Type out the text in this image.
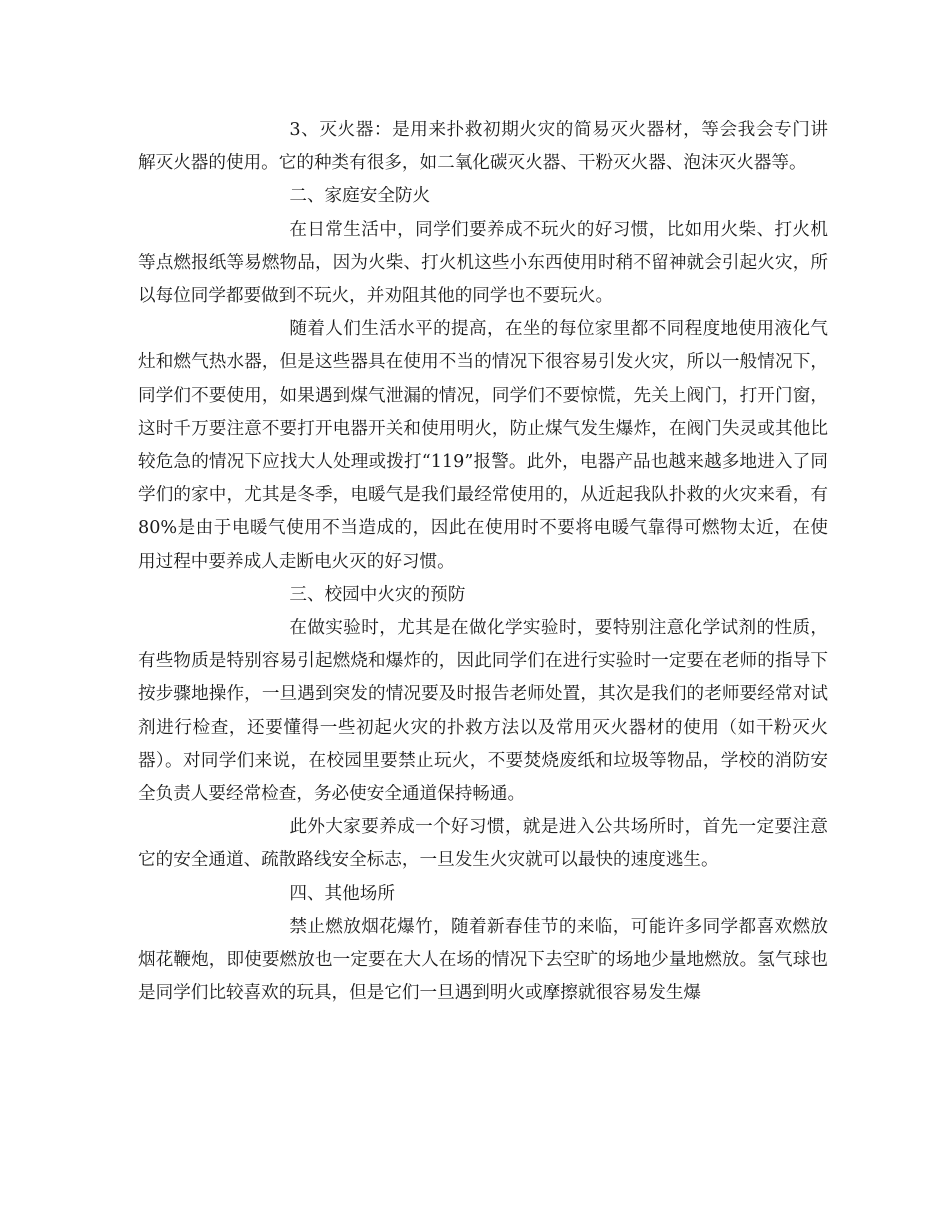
3、灭火器：是用来扑救初期火灾的简易灭火器材，等会我会专门讲解灭火器的使用。它的种类有很多，如二氧化碳灭火器、干粉灭火器、泡沫灭火器等。

二、家庭安全防火

在日常生活中，同学们要养成不玩火的好习惯，比如用火柴、打火机等点燃报纸等易燃物品，因为火柴、打火机这些小东西使用时稍不留神就会引起火灾，所以每位同学都要做到不玩火，并劝阻其他的同学也不要玩火。

随着人们生活水平的提高，在坐的每位家里都不同程度地使用液化气灶和燃气热水器，但是这些器具在使用不当的情况下很容易引发火灾，所以一般情况下，同学们不要使用，如果遇到煤气泄漏的情况，同学们不要惊慌，先关上阀门，打开门窗，这时千万要注意不要打开电器开关和使用明火，防止煤气发生爆炸，在阀门失灵或其他比较危急的情况下应找大人处理或拨打“119”报警。此外，电器产品也越来越多地进入了同学们的家中，尤其是冬季，电暖气是我们最经常使用的，从近起我队扑救的火灾来看，有80%是由于电暖气使用不当造成的，因此在使用时不要将电暖气靠得可燃物太近，在使用过程中要养成人走断电火灭的好习惯。

三、校园中火灾的预防

在做实验时，尤其是在做化学实验时，要特别注意化学试剂的性质，有些物质是特别容易引起燃烧和爆炸的，因此同学们在进行实验时一定要在老师的指导下按步骤地操作，一旦遇到突发的情况要及时报告老师处置，其次是我们的老师要经常对试剂进行检查，还要懂得一些初起火灾的扑救方法以及常用灭火器材的使用（如干粉灭火器）。对同学们来说，在校园里要禁止玩火，不要焚烧废纸和垃圾等物品，学校的消防安全负责人要经常检查，务必使安全通道保持畅通。

此外大家要养成一个好习惯，就是进入公共场所时，首先一定要注意它的安全通道、疏散路线安全标志，一旦发生火灾就可以最快的速度逃生。

四、其他场所

禁止燃放烟花爆竹，随着新春佳节的来临，可能许多同学都喜欢燃放烟花鞭炮，即使要燃放也一定要在大人在场的情况下去空旷的场地少量地燃放。氢气球也是同学们比较喜欢的玩具，但是它们一旦遇到明火或摩擦就很容易发生爆
